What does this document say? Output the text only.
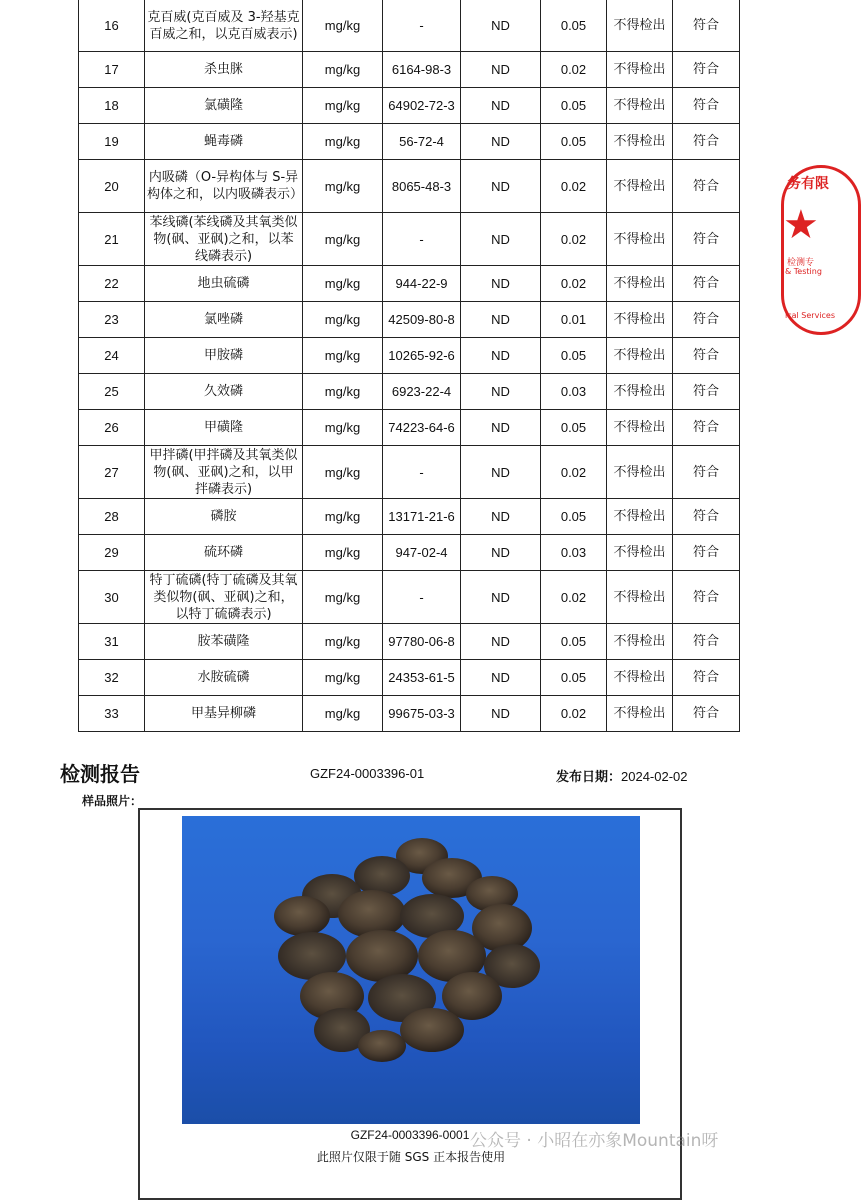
16	克百威(克百威及 3-羟基克百威之和，以克百威表示)	mg/kg	-	ND	0.05	不得检出	符合
17	杀虫脒	mg/kg	6164-98-3	ND	0.02	不得检出	符合
18	氯磺隆	mg/kg	64902-72-3	ND	0.05	不得检出	符合
19	蝇毒磷	mg/kg	56-72-4	ND	0.05	不得检出	符合
20	内吸磷（O-异构体与 S-异构体之和，以内吸磷表示）	mg/kg	8065-48-3	ND	0.02	不得检出	符合
21	苯线磷(苯线磷及其氧类似物(砜、亚砜)之和，以苯线磷表示)	mg/kg	-	ND	0.02	不得检出	符合
22	地虫硫磷	mg/kg	944-22-9	ND	0.02	不得检出	符合
23	氯唑磷	mg/kg	42509-80-8	ND	0.01	不得检出	符合
24	甲胺磷	mg/kg	10265-92-6	ND	0.05	不得检出	符合
25	久效磷	mg/kg	6923-22-4	ND	0.03	不得检出	符合
26	甲磺隆	mg/kg	74223-64-6	ND	0.05	不得检出	符合
27	甲拌磷(甲拌磷及其氧类似物(砜、亚砜)之和，以甲拌磷表示)	mg/kg	-	ND	0.02	不得检出	符合
28	磷胺	mg/kg	13171-21-6	ND	0.05	不得检出	符合
29	硫环磷	mg/kg	947-02-4	ND	0.03	不得检出	符合
30	特丁硫磷(特丁硫磷及其氧类似物(砜、亚砜)之和，以特丁硫磷表示)	mg/kg	-	ND	0.02	不得检出	符合
31	胺苯磺隆	mg/kg	97780-06-8	ND	0.05	不得检出	符合
32	水胺硫磷	mg/kg	24353-61-5	ND	0.05	不得检出	符合
33	甲基异柳磷	mg/kg	99675-03-3	ND	0.02	不得检出	符合
务有限
★
检测专
& Testing
ical Services
检测报告	GZF24-0003396-01	发布日期：2024-02-02
样品照片：
GZF24-0003396-0001 公众号 · 小昭在亦象Mountain呀
此照片仅限于随 SGS 正本报告使用
